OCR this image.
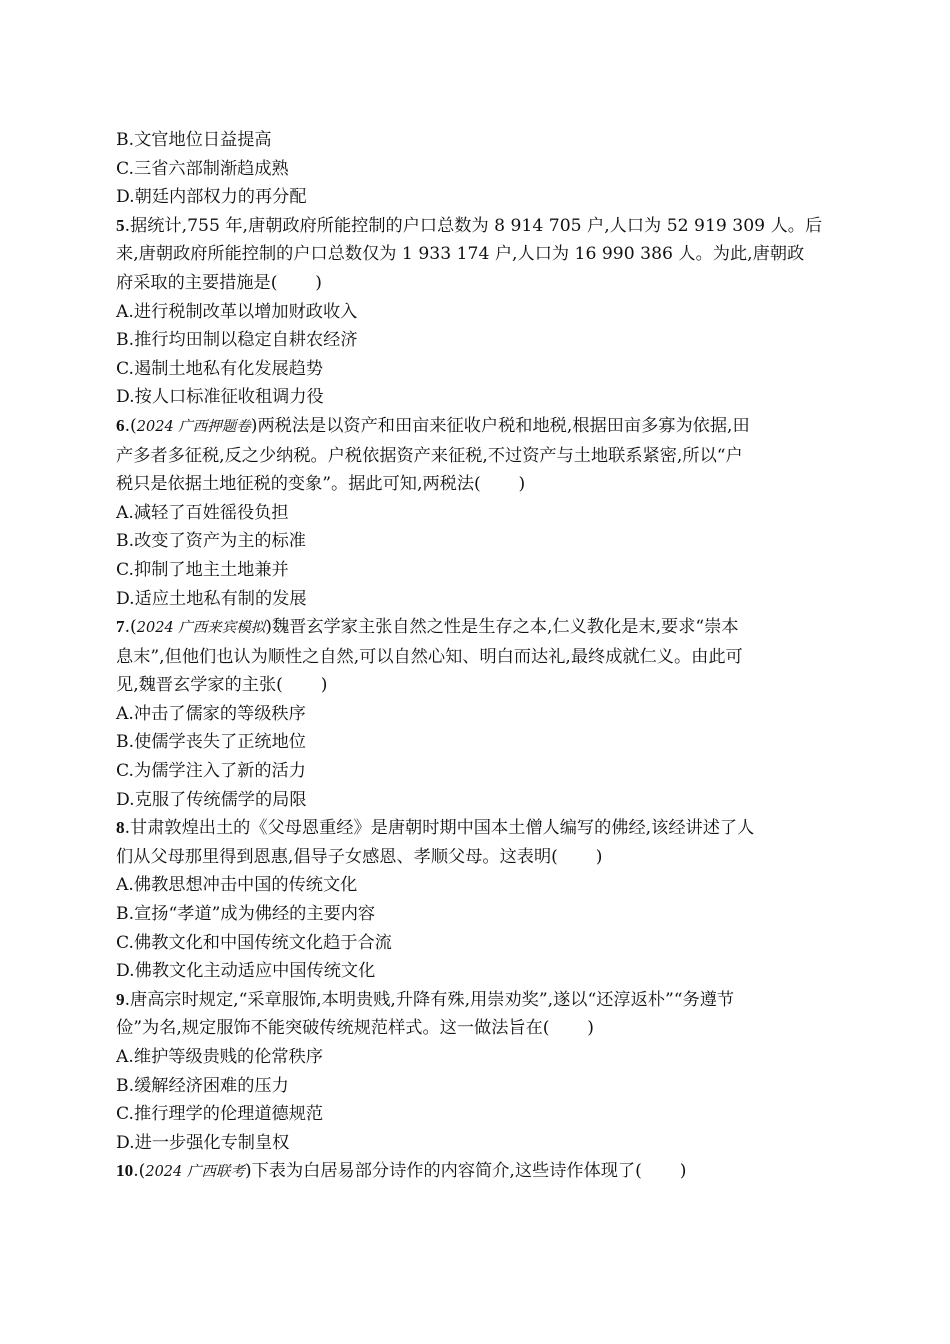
B.文官地位日益提高
C.三省六部制渐趋成熟
D.朝廷内部权力的再分配
5.据统计,755 年,唐朝政府所能控制的户口总数为 8 914 705 户,人口为 52 919 309 人。后
来,唐朝政府所能控制的户口总数仅为 1 933 174 户,人口为 16 990 386 人。为此,唐朝政
府采取的主要措施是( )
A.进行税制改革以增加财政收入
B.推行均田制以稳定自耕农经济
C.遏制土地私有化发展趋势
D.按人口标准征收租调力役
6.(2024 广西押题卷)两税法是以资产和田亩来征收户税和地税,根据田亩多寡为依据,田
产多者多征税,反之少纳税。户税依据资产来征税,不过资产与土地联系紧密,所以“户
税只是依据土地征税的变象”。据此可知,两税法( )
A.减轻了百姓徭役负担
B.改变了资产为主的标准
C.抑制了地主土地兼并
D.适应土地私有制的发展
7.(2024 广西来宾模拟)魏晋玄学家主张自然之性是生存之本,仁义教化是末,要求“崇本
息末”,但他们也认为顺性之自然,可以自然心知、明白而达礼,最终成就仁义。由此可
见,魏晋玄学家的主张( )
A.冲击了儒家的等级秩序
B.使儒学丧失了正统地位
C.为儒学注入了新的活力
D.克服了传统儒学的局限
8.甘肃敦煌出土的《父母恩重经》是唐朝时期中国本土僧人编写的佛经,该经讲述了人
们从父母那里得到恩惠,倡导子女感恩、孝顺父母。这表明( )
A.佛教思想冲击中国的传统文化
B.宣扬“孝道”成为佛经的主要内容
C.佛教文化和中国传统文化趋于合流
D.佛教文化主动适应中国传统文化
9.唐高宗时规定,“采章服饰,本明贵贱,升降有殊,用崇劝奖”,遂以“还淳返朴”“务遵节
俭”为名,规定服饰不能突破传统规范样式。这一做法旨在( )
A.维护等级贵贱的伦常秩序
B.缓解经济困难的压力
C.推行理学的伦理道德规范
D.进一步强化专制皇权
10.(2024 广西联考)下表为白居易部分诗作的内容简介,这些诗作体现了( )
